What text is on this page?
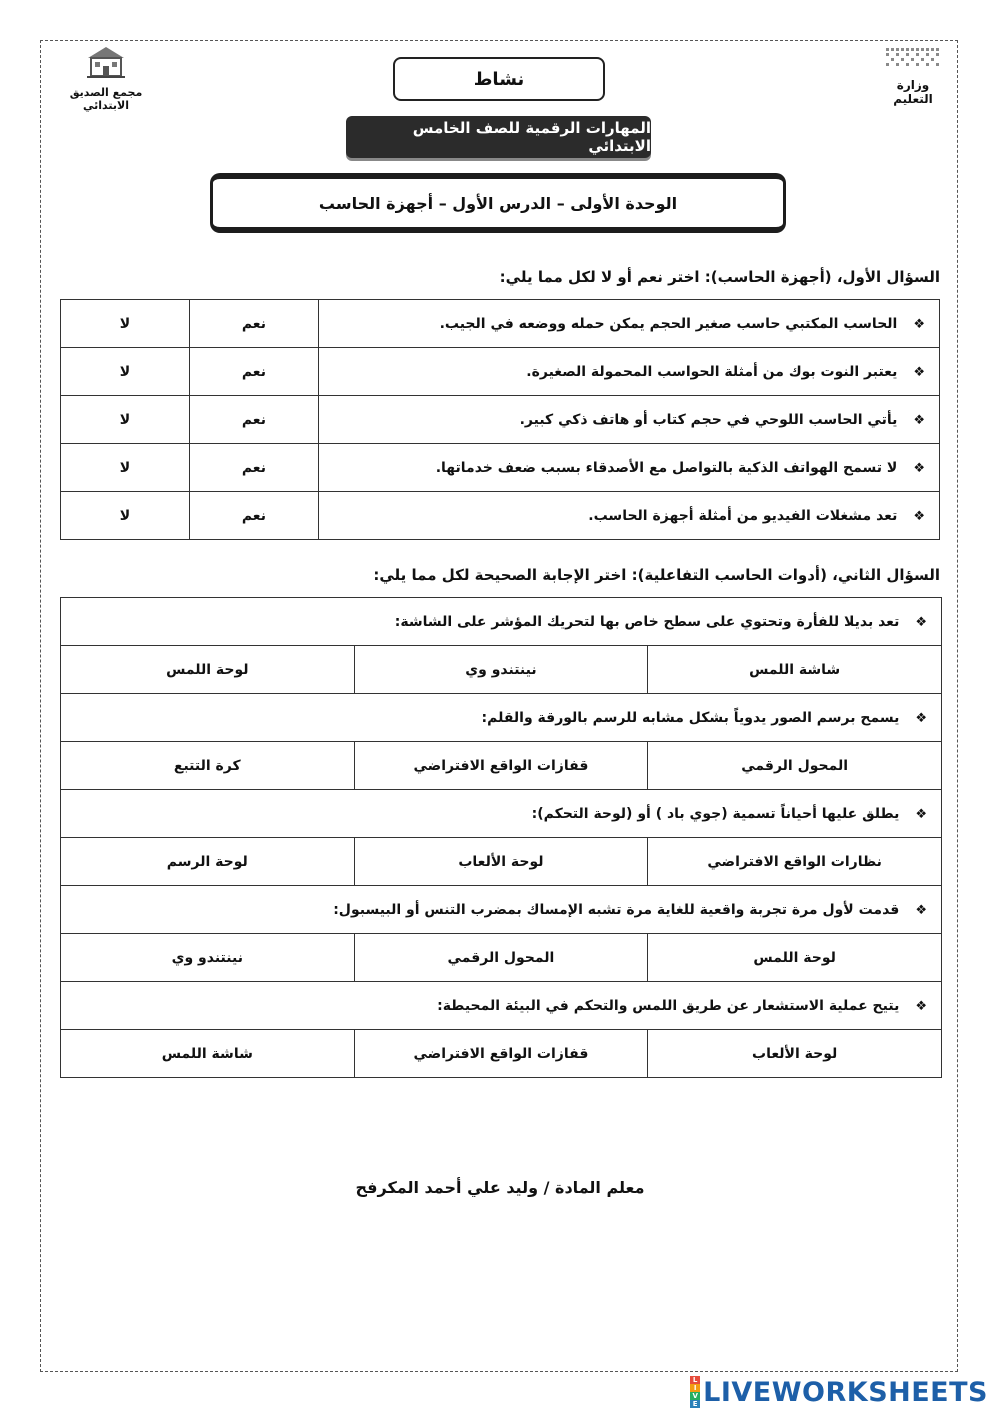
وزارة التعليم
مجمع الصديق الابتدائي
نشاط
المهارات الرقمية للصف الخامس الابتدائي
الوحدة الأولى – الدرس الأول – أجهزة الحاسب
السؤال الأول، (أجهزة الحاسب): اختر نعم أو لا لكل مما يلي:
❖الحاسب المكتبي حاسب صغير الحجم يمكن حمله ووضعه في الجيب.	نعم	لا
❖يعتبر النوت بوك من أمثلة الحواسب المحمولة الصغيرة.	نعم	لا
❖يأتي الحاسب اللوحي في حجم كتاب أو هاتف ذكي كبير.	نعم	لا
❖لا تسمح الهواتف الذكية بالتواصل مع الأصدقاء بسبب ضعف خدماتها.	نعم	لا
❖تعد مشغلات الفيديو من أمثلة أجهزة الحاسب.	نعم	لا
السؤال الثاني، (أدوات الحاسب التفاعلية): اختر الإجابة الصحيحة لكل مما يلي:
❖تعد بديلا للفأرة وتحتوي على سطح خاص بها لتحريك المؤشر على الشاشة:		
شاشة اللمس	نينتندو وي	لوحة اللمس
❖يسمح برسم الصور يدوياً بشكل مشابه للرسم بالورقة والقلم:		
المحول الرقمي	قفازات الواقع الافتراضي	كرة التتبع
❖يطلق عليها أحياناً تسمية (جوي باد ) أو (لوحة التحكم):		
نظارات الواقع الافتراضي	لوحة الألعاب	لوحة الرسم
❖قدمت لأول مرة تجربة واقعية للغاية مرة تشبه الإمساك بمضرب التنس أو البيسبول:		
لوحة اللمس	المحول الرقمي	نينتندو وي
❖يتيح عملية الاستشعار عن طريق اللمس والتحكم في البيئة المحيطة:		
لوحة الألعاب	قفازات الواقع الافتراضي	شاشة اللمس
معلم المادة / وليد علي أحمد المكرفح
L
I
V
E LIVEWORKSHEETS
